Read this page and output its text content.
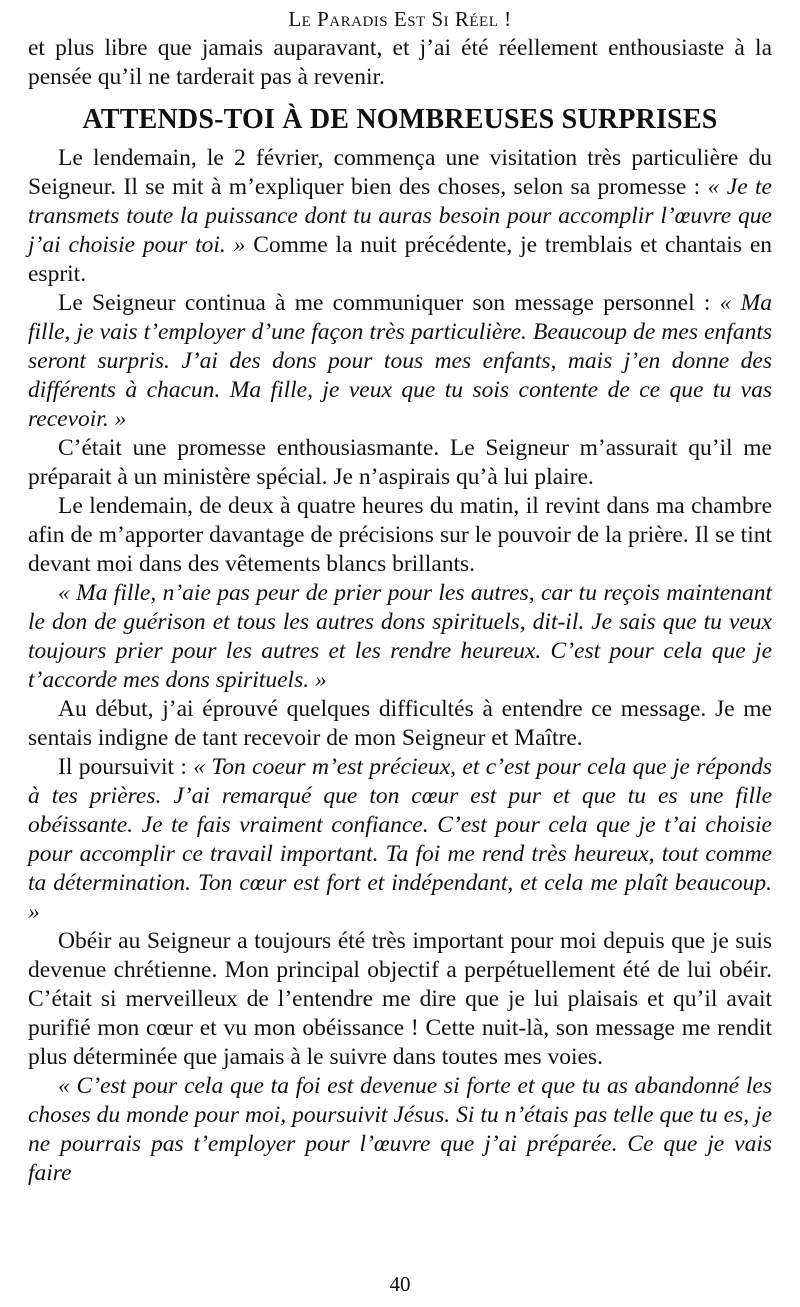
Le Paradis Est Si Réel !

et plus libre que jamais auparavant, et j’ai été réellement enthousiaste à la pensée qu’il ne tarderait pas à revenir.

ATTENDS-TOI À DE NOMBREUSES SURPRISES

Le lendemain, le 2 février, commença une visitation très particulière du Seigneur. Il se mit à m’expliquer bien des choses, selon sa promesse : « Je te transmets toute la puissance dont tu auras besoin pour accomplir l’œuvre que j’ai choisie pour toi. » Comme la nuit précédente, je tremblais et chantais en esprit.

Le Seigneur continua à me communiquer son message personnel : « Ma fille, je vais t’employer d’une façon très particulière. Beaucoup de mes enfants seront surpris. J’ai des dons pour tous mes enfants, mais j’en donne des différents à chacun. Ma fille, je veux que tu sois contente de ce que tu vas recevoir. »

C’était une promesse enthousiasmante. Le Seigneur m’assurait qu’il me préparait à un ministère spécial. Je n’aspirais qu’à lui plaire.

Le lendemain, de deux à quatre heures du matin, il revint dans ma chambre afin de m’apporter davantage de précisions sur le pouvoir de la prière. Il se tint devant moi dans des vêtements blancs brillants.

« Ma fille, n’aie pas peur de prier pour les autres, car tu reçois maintenant le don de guérison et tous les autres dons spirituels, dit-il. Je sais que tu veux toujours prier pour les autres et les rendre heureux. C’est pour cela que je t’accorde mes dons spirituels. »

Au début, j’ai éprouvé quelques difficultés à entendre ce message. Je me sentais indigne de tant recevoir de mon Seigneur et Maître.

Il poursuivit : « Ton coeur m’est précieux, et c’est pour cela que je réponds à tes prières. J’ai remarqué que ton cœur est pur et que tu es une fille obéissante. Je te fais vraiment confiance. C’est pour cela que je t’ai choisie pour accomplir ce travail important. Ta foi me rend très heureux, tout comme ta détermination. Ton cœur est fort et indépendant, et cela me plaît beaucoup. »

Obéir au Seigneur a toujours été très important pour moi depuis que je suis devenue chrétienne. Mon principal objectif a perpétuellement été de lui obéir. C’était si merveilleux de l’entendre me dire que je lui plaisais et qu’il avait purifié mon cœur et vu mon obéissance ! Cette nuit-là, son message me rendit plus déterminée que jamais à le suivre dans toutes mes voies.

« C’est pour cela que ta foi est devenue si forte et que tu as abandonné les choses du monde pour moi, poursuivit Jésus. Si tu n’étais pas telle que tu es, je ne pourrais pas t’employer pour l’œuvre que j’ai préparée. Ce que je vais faire

40
